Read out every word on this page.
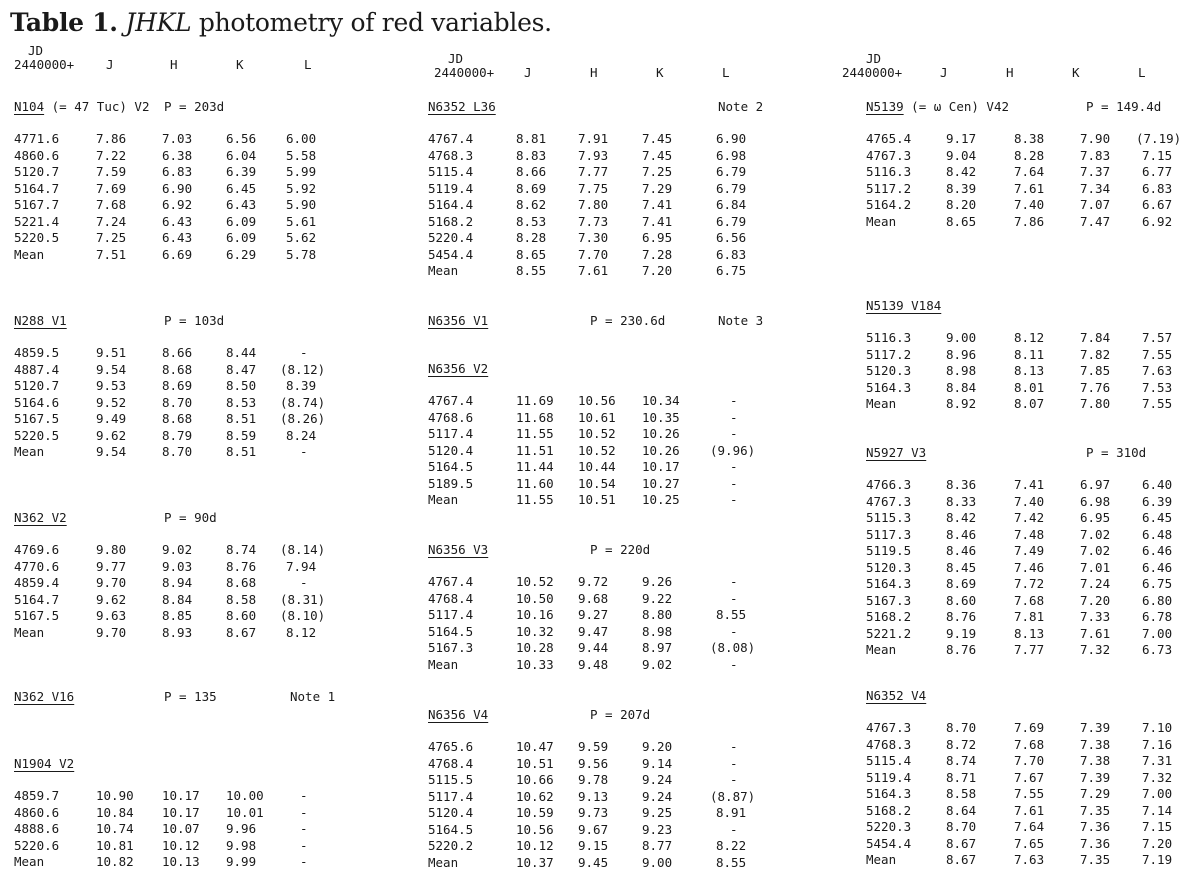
Table 1. JHKL photometry of red variables.
JD
2440000+	J	H	K	L
N104 (= 47 Tuc) V2 P = 203d
4771.6	7.86	7.03	6.56 6.00
4860.6	7.22	6.38	6.04 5.58
5120.7	7.59	6.83	6.39 5.99
5164.7	7.69	6.90	6.45 5.92
5167.7	7.68	6.92	6.43 5.90
5221.4	7.24	6.43	6.09 5.61
5220.5	7.25	6.43	6.09 5.62
Mean	7.51	6.69	6.29 5.78
N288 V1	P = 103d
4859.5	9.51	8.66	8.44	-
4887.4	9.54	8.68	8.47 (8.12)
5120.7	9.53	8.69	8.50 8.39
5164.6	9.52	8.70	8.53 (8.74)
5167.5	9.49	8.68	8.51 (8.26)
5220.5	9.62	8.79	8.59 8.24
Mean	9.54	8.70	8.51	-
N362 V2	P = 90d
4769.6	9.80	9.02	8.74 (8.14)
4770.6	9.77	9.03	8.76 7.94
4859.4	9.70	8.94	8.68	-
5164.7	9.62	8.84	8.58 (8.31)
5167.5	9.63	8.85	8.60 (8.10)
Mean	9.70	8.93	8.67 8.12
N362 V16	P = 135	Note 1
N1904 V2
4859.7	10.90 10.17 10.00	-
4860.6	10.84 10.17 10.01	-
4888.6	10.74 10.07 9.96	-
5220.6	10.81 10.12 9.98	-
Mean	10.82 10.13 9.99	-
JD
2440000+ J	H	K	L
N6352 L36	Note 2
4767.4	8.81	7.91	7.45	6.90
4768.3	8.83	7.93	7.45	6.98
5115.4	8.66	7.77	7.25	6.79
5119.4	8.69	7.75	7.29	6.79
5164.4	8.62	7.80	7.41	6.84
5168.2	8.53	7.73	7.41	6.79
5220.4	8.28	7.30	6.95	6.56
5454.4	8.65	7.70	7.28	6.83
Mean	8.55	7.61	7.20	6.75
N6356 V1	P = 230.6d	Note 3
N6356 V2
4767.4	11.69 10.56 10.34	-
4768.6	11.68 10.61 10.35	-
5117.4	11.55 10.52 10.26	-
5120.4	11.51 10.52 10.26 (9.96)
5164.5	11.44 10.44 10.17	-
5189.5	11.60 10.54 10.27	-
Mean	11.55 10.51 10.25	-
N6356 V3	P = 220d
4767.4	10.52 9.72	9.26	-
4768.4	10.50 9.68	9.22	-
5117.4	10.16 9.27	8.80	8.55
5164.5	10.32 9.47	8.98	-
5167.3	10.28 9.44	8.97	(8.08)
Mean	10.33 9.48	9.02	-
N6356 V4	P = 207d
4765.6	10.47 9.59	9.20	-
4768.4	10.51 9.56	9.14	-
5115.5	10.66 9.78	9.24	-
5117.4	10.62 9.13	9.24	(8.87)
5120.4	10.59 9.73	9.25	8.91
5164.5	10.56 9.67	9.23	-
5220.2	10.12 9.15	8.77	8.22
Mean	10.37 9.45	9.00	8.55
JD
2440000+	J	H	K	L
N5139 (= ω Cen) V42	P = 149.4d
4765.4	9.17	8.38	7.90 (7.19)
4767.3	9.04	8.28	7.83	7.15
5116.3	8.42	7.64	7.37	6.77
5117.2	8.39	7.61	7.34	6.83
5164.2	8.20	7.40	7.07	6.67
Mean	8.65	7.86	7.47	6.92
N5139 V184
5116.3	9.00	8.12	7.84	7.57
5117.2	8.96	8.11	7.82	7.55
5120.3	8.98	8.13	7.85	7.63
5164.3	8.84	8.01	7.76	7.53
Mean	8.92	8.07	7.80	7.55
N5927 V3	P = 310d
4766.3	8.36	7.41	6.97	6.40
4767.3	8.33	7.40	6.98	6.39
5115.3	8.42	7.42	6.95	6.45
5117.3	8.46	7.48	7.02	6.48
5119.5	8.46	7.49	7.02	6.46
5120.3	8.45	7.46	7.01	6.46
5164.3	8.69	7.72	7.24	6.75
5167.3	8.60	7.68	7.20	6.80
5168.2	8.76	7.81	7.33	6.78
5221.2	9.19	8.13	7.61	7.00
Mean	8.76	7.77	7.32	6.73
N6352 V4
4767.3	8.70	7.69	7.39	7.10
4768.3	8.72	7.68	7.38	7.16
5115.4	8.74	7.70	7.38	7.31
5119.4	8.71	7.67	7.39	7.32
5164.3	8.58	7.55	7.29	7.00
5168.2	8.64	7.61	7.35	7.14
5220.3	8.70	7.64	7.36	7.15
5454.4	8.67	7.65	7.36	7.20
Mean	8.67	7.63	7.35	7.19
